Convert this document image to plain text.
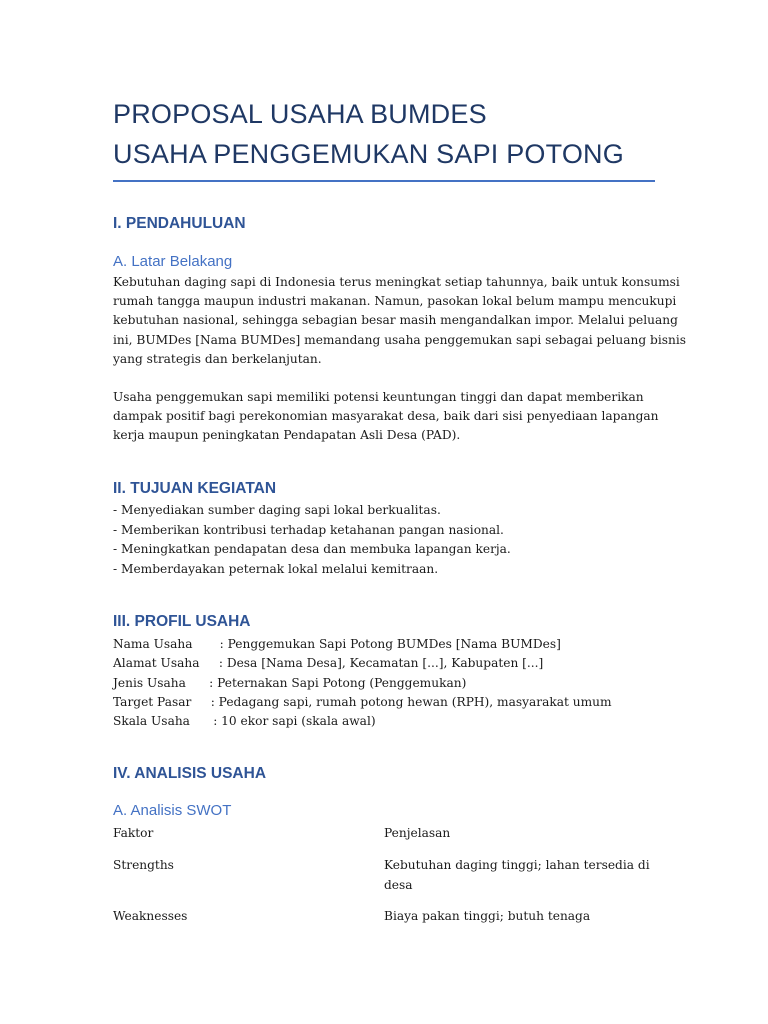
PROPOSAL USAHA BUMDES
USAHA PENGGEMUKAN SAPI POTONG
I. PENDAHULUAN
A. Latar Belakang
Kebutuhan daging sapi di Indonesia terus meningkat setiap tahunnya, baik untuk konsumsi
rumah tangga maupun industri makanan. Namun, pasokan lokal belum mampu mencukupi
kebutuhan nasional, sehingga sebagian besar masih mengandalkan impor. Melalui peluang
ini, BUMDes [Nama BUMDes] memandang usaha penggemukan sapi sebagai peluang bisnis
yang strategis dan berkelanjutan.
Usaha penggemukan sapi memiliki potensi keuntungan tinggi dan dapat memberikan
dampak positif bagi perekonomian masyarakat desa, baik dari sisi penyediaan lapangan
kerja maupun peningkatan Pendapatan Asli Desa (PAD).
II. TUJUAN KEGIATAN
- Menyediakan sumber daging sapi lokal berkualitas.
- Memberikan kontribusi terhadap ketahanan pangan nasional.
- Meningkatkan pendapatan desa dan membuka lapangan kerja.
- Memberdayakan peternak lokal melalui kemitraan.
III. PROFIL USAHA
Nama Usaha       : Penggemukan Sapi Potong BUMDes [Nama BUMDes]
Alamat Usaha     : Desa [Nama Desa], Kecamatan [...], Kabupaten [...]
Jenis Usaha      : Peternakan Sapi Potong (Penggemukan)
Target Pasar     : Pedagang sapi, rumah potong hewan (RPH), masyarakat umum
Skala Usaha      : 10 ekor sapi (skala awal)
IV. ANALISIS USAHA
A. Analisis SWOT
Faktor	Penjelasan
Strengths	Kebutuhan daging tinggi; lahan tersedia di desa
Weaknesses	Biaya pakan tinggi; butuh tenaga
